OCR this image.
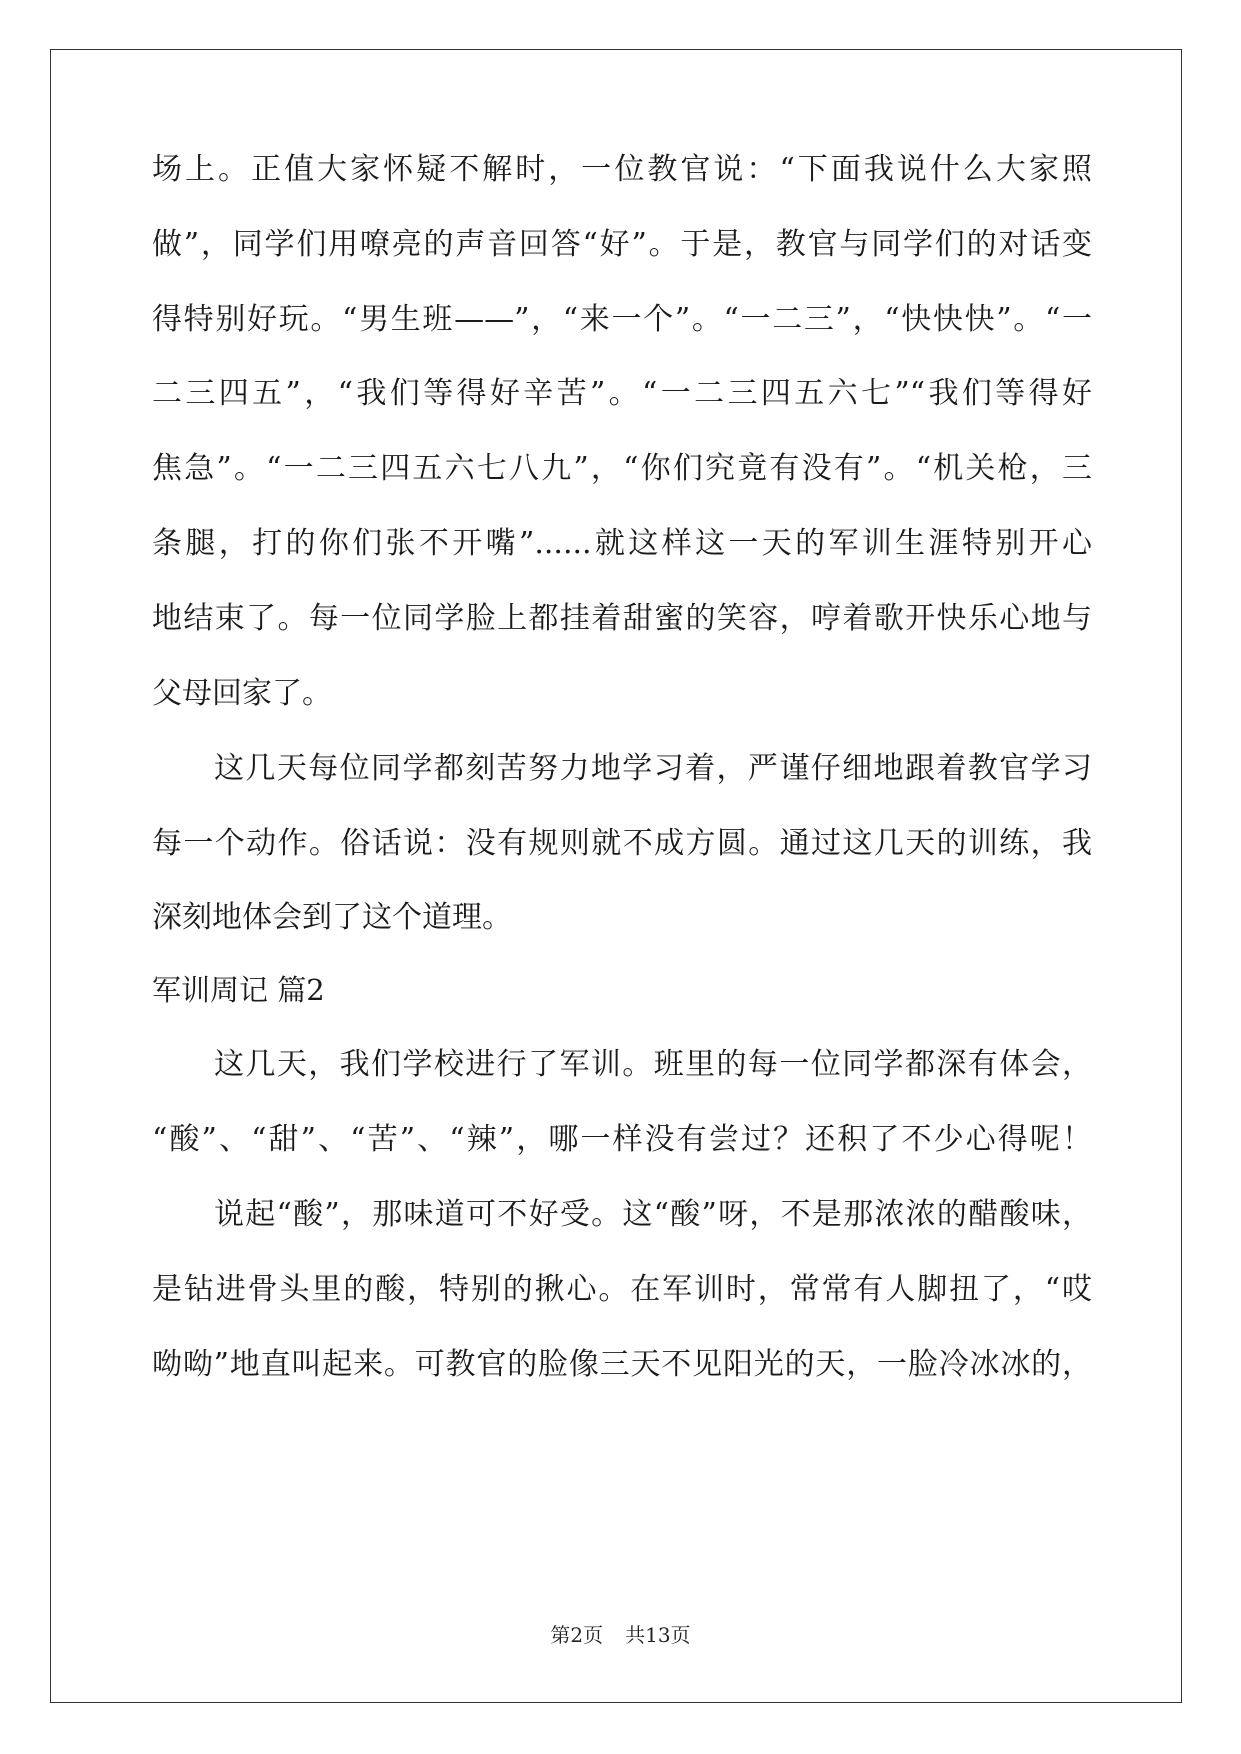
场上。正值大家怀疑不解时，一位教官说：“下面我说什么大家照
做”，同学们用嘹亮的声音回答“好”。于是，教官与同学们的对话变
得特别好玩。“男生班——”，“来一个”。“一二三”，“快快快”。“一
二三四五”，“我们等得好辛苦”。“一二三四五六七”“我们等得好
焦急”。“一二三四五六七八九”，“你们究竟有没有”。“机关枪，三
条腿，打的你们张不开嘴”......就这样这一天的军训生涯特别开心
地结束了。每一位同学脸上都挂着甜蜜的笑容，哼着歌开快乐心地与
父母回家了。
这几天每位同学都刻苦努力地学习着，严谨仔细地跟着教官学习
每一个动作。俗话说：没有规则就不成方圆。通过这几天的训练，我
深刻地体会到了这个道理。
军训周记 篇2
这几天，我们学校进行了军训。班里的每一位同学都深有体会，
“酸”、“甜”、“苦”、“辣”，哪一样没有尝过？还积了不少心得呢！
说起“酸”，那味道可不好受。这“酸”呀，不是那浓浓的醋酸味，
是钻进骨头里的酸，特别的揪心。在军训时，常常有人脚扭了，“哎
呦呦”地直叫起来。可教官的脸像三天不见阳光的天，一脸冷冰冰的，
第2页 共13页
